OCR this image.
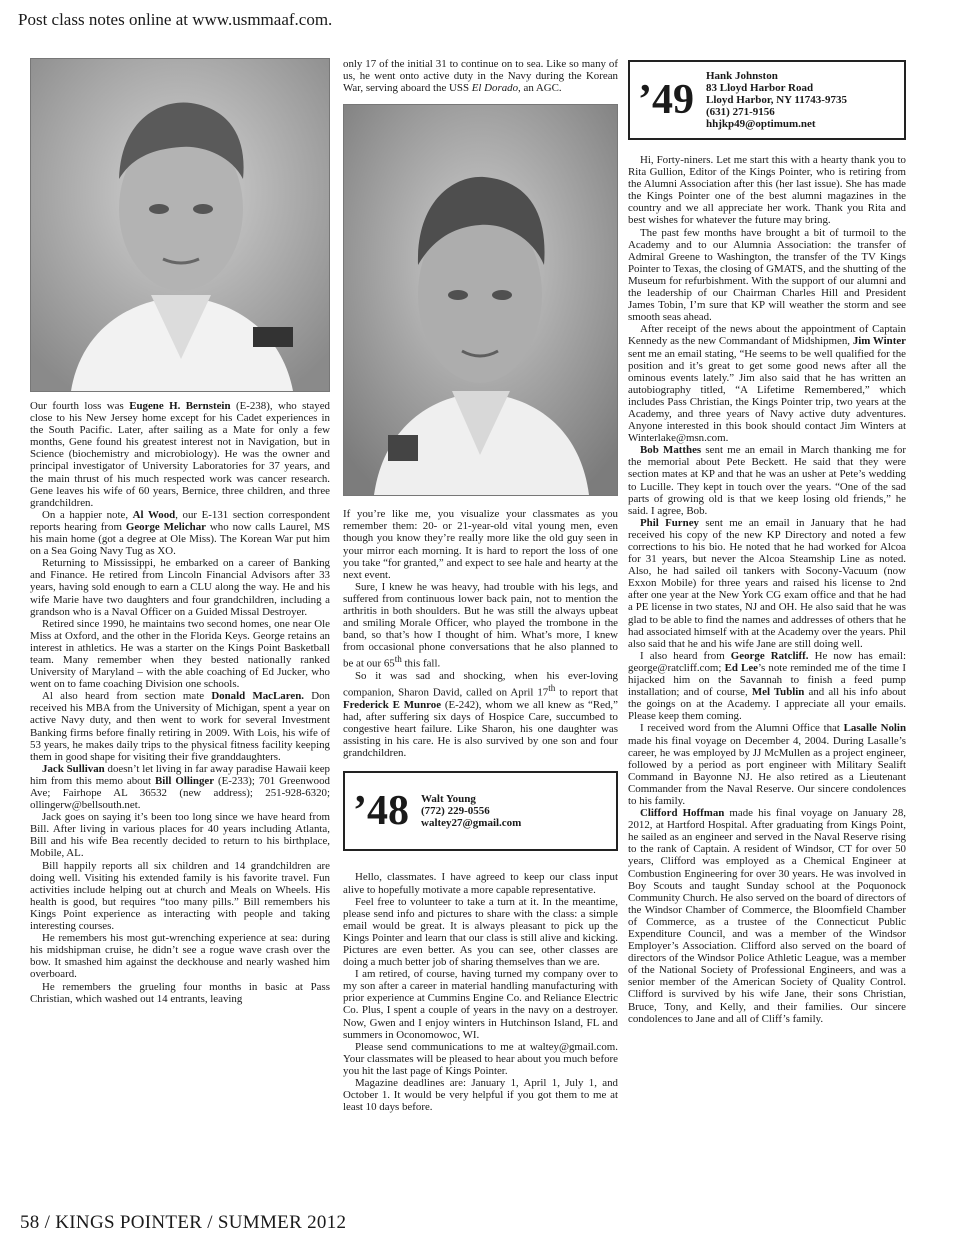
Post class notes online at www.usmmaaf.com.

Our fourth loss was Eugene H. Bernstein (E-238), who stayed close to his New Jersey home except for his Cadet experiences in the South Pacific. Later, after sailing as a Mate for only a few months, Gene found his greatest interest not in Navigation, but in Science (biochemistry and microbiology). He was the owner and principal investigator of University Laboratories for 37 years, and the main thrust of his much respected work was cancer research. Gene leaves his wife of 60 years, Bernice, three children, and three grandchildren.

On a happier note, Al Wood, our E-131 section correspondent reports hearing from George Melichar who now calls Laurel, MS his main home (got a degree at Ole Miss). The Korean War put him on a Sea Going Navy Tug as XO.

Returning to Mississippi, he embarked on a career of Banking and Finance. He retired from Lincoln Financial Advisors after 33 years, having sold enough to earn a CLU along the way. He and his wife Marie have two daughters and four grandchildren, including a grandson who is a Naval Officer on a Guided Missal Destroyer.

Retired since 1990, he maintains two second homes, one near Ole Miss at Oxford, and the other in the Florida Keys. George retains an interest in athletics. He was a starter on the Kings Point Basketball team. Many remember when they bested nationally ranked University of Maryland – with the able coaching of Ed Jucker, who went on to fame coaching Division one schools.

Al also heard from section mate Donald MacLaren. Don received his MBA from the University of Michigan, spent a year on active Navy duty, and then went to work for several Investment Banking firms before finally retiring in 2009. With Lois, his wife of 53 years, he makes daily trips to the physical fitness facility keeping them in good shape for visiting their five granddaughters.

Jack Sullivan doesn’t let living in far away paradise Hawaii keep him from this memo about Bill Ollinger (E-233); 701 Greenwood Ave; Fairhope AL 36532 (new address); 251-928-6320; ollingerw@bellsouth.net.

Jack goes on saying it’s been too long since we have heard from Bill. After living in various places for 40 years including Atlanta, Bill and his wife Bea recently decided to return to his birthplace, Mobile, AL.

Bill happily reports all six children and 14 grandchildren are doing well. Visiting his extended family is his favorite travel. Fun activities include helping out at church and Meals on Wheels. His health is good, but requires “too many pills.” Bill remembers his Kings Point experience as interacting with people and taking interesting courses.

He remembers his most gut-wrenching experience at sea: during his midshipman cruise, he didn’t see a rogue wave crash over the bow. It smashed him against the deckhouse and nearly washed him overboard.

He remembers the grueling four months in basic at Pass Christian, which washed out 14 entrants, leaving

only 17 of the initial 31 to continue on to sea. Like so many of us, he went onto active duty in the Navy during the Korean War, serving aboard the USS El Dorado, an AGC.

If you’re like me, you visualize your classmates as you remember them: 20- or 21-year-old vital young men, even though you know they’re really more like the old guy seen in your mirror each morning. It is hard to report the loss of one you take “for granted,” and expect to see hale and hearty at the next event.

Sure, I knew he was heavy, had trouble with his legs, and suffered from continuous lower back pain, not to mention the arthritis in both shoulders. But he was still the always upbeat and smiling Morale Officer, who played the trombone in the band, so that’s how I thought of him. What’s more, I knew from occasional phone conversations that he also planned to be at our 65th this fall.

So it was sad and shocking, when his ever-loving companion, Sharon David, called on April 17th to report that Frederick E Munroe (E-242), whom we all knew as “Red,” had, after suffering six days of Hospice Care, succumbed to congestive heart failure. Like Sharon, his one daughter was assisting in his care. He is also survived by one son and four grandchildren.

’48 Walt Young
(772) 229-0556
waltey27@gmail.com

Hello, classmates. I have agreed to keep our class input alive to hopefully motivate a more capable representative.

Feel free to volunteer to take a turn at it. In the meantime, please send info and pictures to share with the class: a simple email would be great. It is always pleasant to pick up the Kings Pointer and learn that our class is still alive and kicking. Pictures are even better. As you can see, other classes are doing a much better job of sharing themselves than we are.

I am retired, of course, having turned my company over to my son after a career in material handling manufacturing with prior experience at Cummins Engine Co. and Reliance Electric Co. Plus, I spent a couple of years in the navy on a destroyer. Now, Gwen and I enjoy winters in Hutchinson Island, FL and summers in Oconomowoc, WI.

Please send communications to me at waltey@gmail.com. Your classmates will be pleased to hear about you much before you hit the last page of Kings Pointer.

Magazine deadlines are: January 1, April 1, July 1, and October 1. It would be very helpful if you got them to me at least 10 days before.

’49
Hank Johnston
83 Lloyd Harbor Road
Lloyd Harbor, NY 11743-9735
(631) 271-9156
hhjkp49@optimum.net

Hi, Forty-niners. Let me start this with a hearty thank you to Rita Gullion, Editor of the Kings Pointer, who is retiring from the Alumni Association after this (her last issue). She has made the Kings Pointer one of the best alumni magazines in the country and we all appreciate her work. Thank you Rita and best wishes for whatever the future may bring.

The past few months have brought a bit of turmoil to the Academy and to our Alumnia Association: the transfer of Admiral Greene to Washington, the transfer of the TV Kings Pointer to Texas, the closing of GMATS, and the shutting of the Museum for refurbishment. With the support of our alumni and the leadership of our Chairman Charles Hill and President James Tobin, I’m sure that KP will weather the storm and see smooth seas ahead.

After receipt of the news about the appointment of Captain Kennedy as the new Commandant of Midshipmen, Jim Winter sent me an email stating, “He seems to be well qualified for the position and it’s great to get some good news after all the ominous events lately.” Jim also said that he has written an autobiography titled, “A Lifetime Remembered,” which includes Pass Christian, the Kings Pointer trip, two years at the Academy, and three years of Navy active duty adventures. Anyone interested in this book should contact Jim Winters at Winterlake@msn.com.

Bob Matthes sent me an email in March thanking me for the memorial about Pete Beckett. He said that they were section mates at KP and that he was an usher at Pete’s wedding to Lucille. They kept in touch over the years. “One of the sad parts of growing old is that we keep losing old friends,” he said. I agree, Bob.

Phil Furney sent me an email in January that he had received his copy of the new KP Directory and noted a few corrections to his bio. He noted that he had worked for Alcoa for 31 years, but never the Alcoa Steamship Line as noted. Also, he had sailed oil tankers with Socony-Vacuum (now Exxon Mobile) for three years and raised his license to 2nd after one year at the New York CG exam office and that he had a PE license in two states, NJ and OH. He also said that he was glad to be able to find the names and addresses of others that he had associated himself with at the Academy over the years. Phil also said that he and his wife Jane are still doing well.

I also heard from George Ratcliff. He now has email: george@ratcliff.com; Ed Lee’s note reminded me of the time I hijacked him on the Savannah to finish a feed pump installation; and of course, Mel Tublin and all his info about the goings on at the Academy. I appreciate all your emails. Please keep them coming.

I received word from the Alumni Office that Lasalle Nolin made his final voyage on December 4, 2004. During Lasalle’s career, he was employed by JJ McMullen as a project engineer, followed by a period as port engineer with Military Sealift Command in Bayonne NJ. He also retired as a Lieutenant Commander from the Naval Reserve. Our sincere condolences to his family.

Clifford Hoffman made his final voyage on January 28, 2012, at Hartford Hospital. After graduating from Kings Point, he sailed as an engineer and served in the Naval Reserve rising to the rank of Captain. A resident of Windsor, CT for over 50 years, Clifford was employed as a Chemical Engineer at Combustion Engineering for over 30 years. He was involved in Boy Scouts and taught Sunday school at the Poquonock Community Church. He also served on the board of directors of the Windsor Chamber of Commerce, the Bloomfield Chamber of Commerce, as a trustee of the Connecticut Public Expenditure Council, and was a member of the Windsor Employer’s Association. Clifford also served on the board of directors of the Windsor Police Athletic League, was a member of the National Society of Professional Engineers, and was a senior member of the American Society of Quality Control. Clifford is survived by his wife Jane, their sons Christian, Bruce, Tony, and Kelly, and their families. Our sincere condolences to Jane and all of Cliff’s family.

58 / KINGS POINTER / SUMMER 2012
